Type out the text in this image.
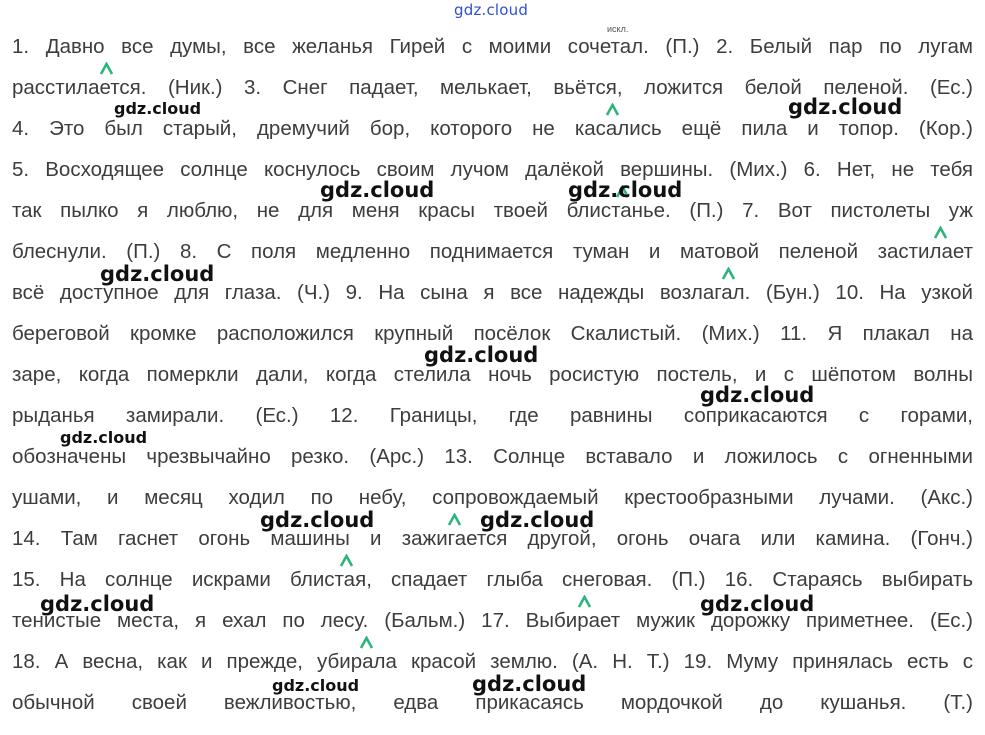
gdz.cloud
искл.
1. Давно все думы, все желанья Гирей с моими сочетал. (П.) 2. Белый пар по лугам
расстилается. (Ник.) 3. Снег падает, мелькает, вьётся, ложится белой пеленой. (Ес.)
4. Это был старый, дремучий бор, которого не касались ещё пила и топор. (Кор.)
5. Восходящее солнце коснулось своим лучом далёкой вершины. (Мих.) 6. Нет, не тебя
так пылко я люблю, не для меня красы твоей блистанье. (П.) 7. Вот пистолеты уж
блеснули. (П.) 8. С поля медленно поднимается туман и матовой пеленой застилает
всё доступное для глаза. (Ч.) 9. На сына я все надежды возлагал. (Бун.) 10. На узкой
береговой кромке расположился крупный посёлок Скалистый. (Мих.) 11. Я плакал на
заре, когда померкли дали, когда стелила ночь росистую постель, и с шёпотом волны
рыданья замирали. (Ес.) 12. Границы, где равнины соприкасаются с горами,
обозначены чрезвычайно резко. (Арс.) 13. Солнце вставало и ложилось с огненными
ушами, и месяц ходил по небу, сопровождаемый крестообразными лучами. (Акс.)
14. Там гаснет огонь машины и зажигается другой, огонь очага или камина. (Гонч.)
15. На солнце искрами блистая, спадает глыба снеговая. (П.) 16. Стараясь выбирать
тенистые места, я ехал по лесу. (Бальм.) 17. Выбирает мужик дорожку приметнее. (Ес.)
18. А весна, как и прежде, убирала красой землю. (А. Н. Т.) 19. Муму принялась есть с
обычной своей вежливостью, едва прикасаясь мордочкой до кушанья. (Т.)
gdz.cloud	gdz.cloud
gdz.cloud	gdz.cloud
gdz.cloud
gdz.cloud
gdz.cloud
gdz.cloud
gdz.cloud	gdz.cloud
gdz.cloud	gdz.cloud
gdz.cloud	gdz.cloud
